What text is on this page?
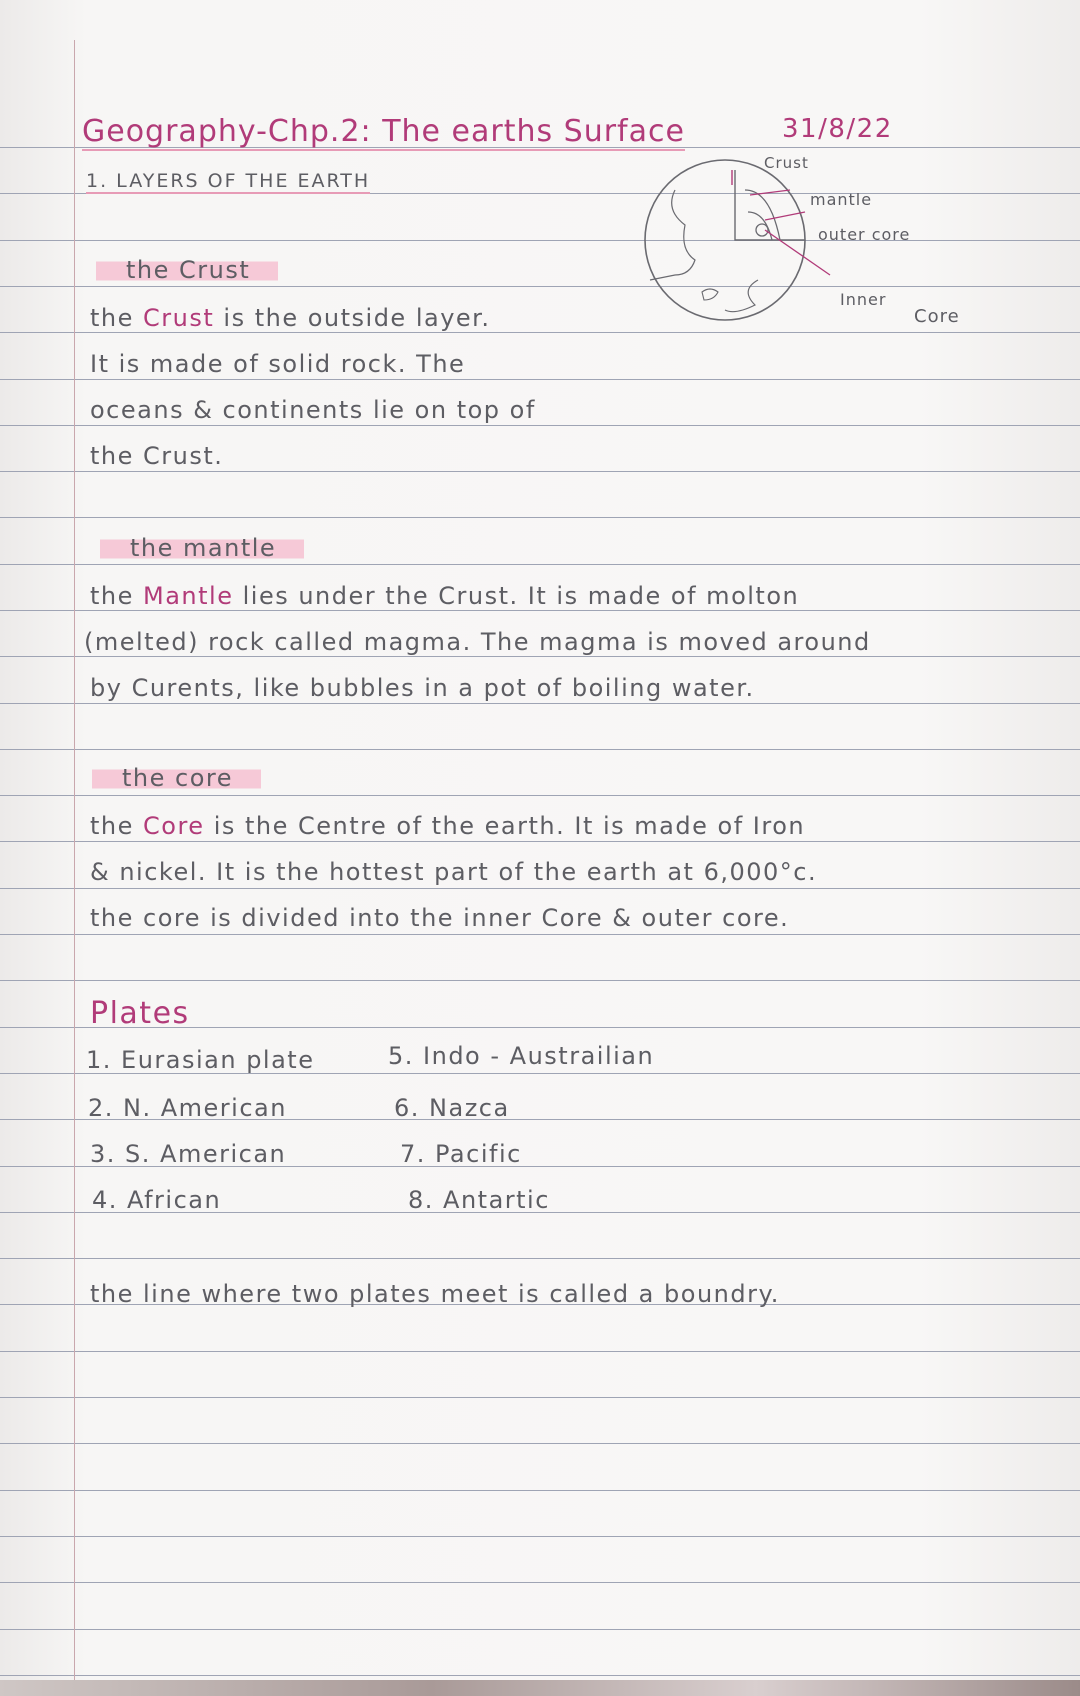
Geography-Chp.2: The earths Surface	31/8/22
1. LAYERS OF THE EARTH
Crust
mantle
outer core
Inner
Core
the Crust
the Crust is the outside layer.
It is made of solid rock. The
oceans & continents lie on top of
the Crust.
the mantle
the Mantle lies under the Crust. It is made of molton
(melted) rock called magma. The magma is moved around
by Curents, like bubbles in a pot of boiling water.
the core
the Core is the Centre of the earth. It is made of Iron
& nickel. It is the hottest part of the earth at 6,000°c.
the core is divided into the inner Core & outer core.
Plates
1. Eurasian plate
2. N. American
3. S. American
4. African
5. Indo - Austrailian
6. Nazca
7. Pacific
8. Antartic
the line where two plates meet is called a boundry.
